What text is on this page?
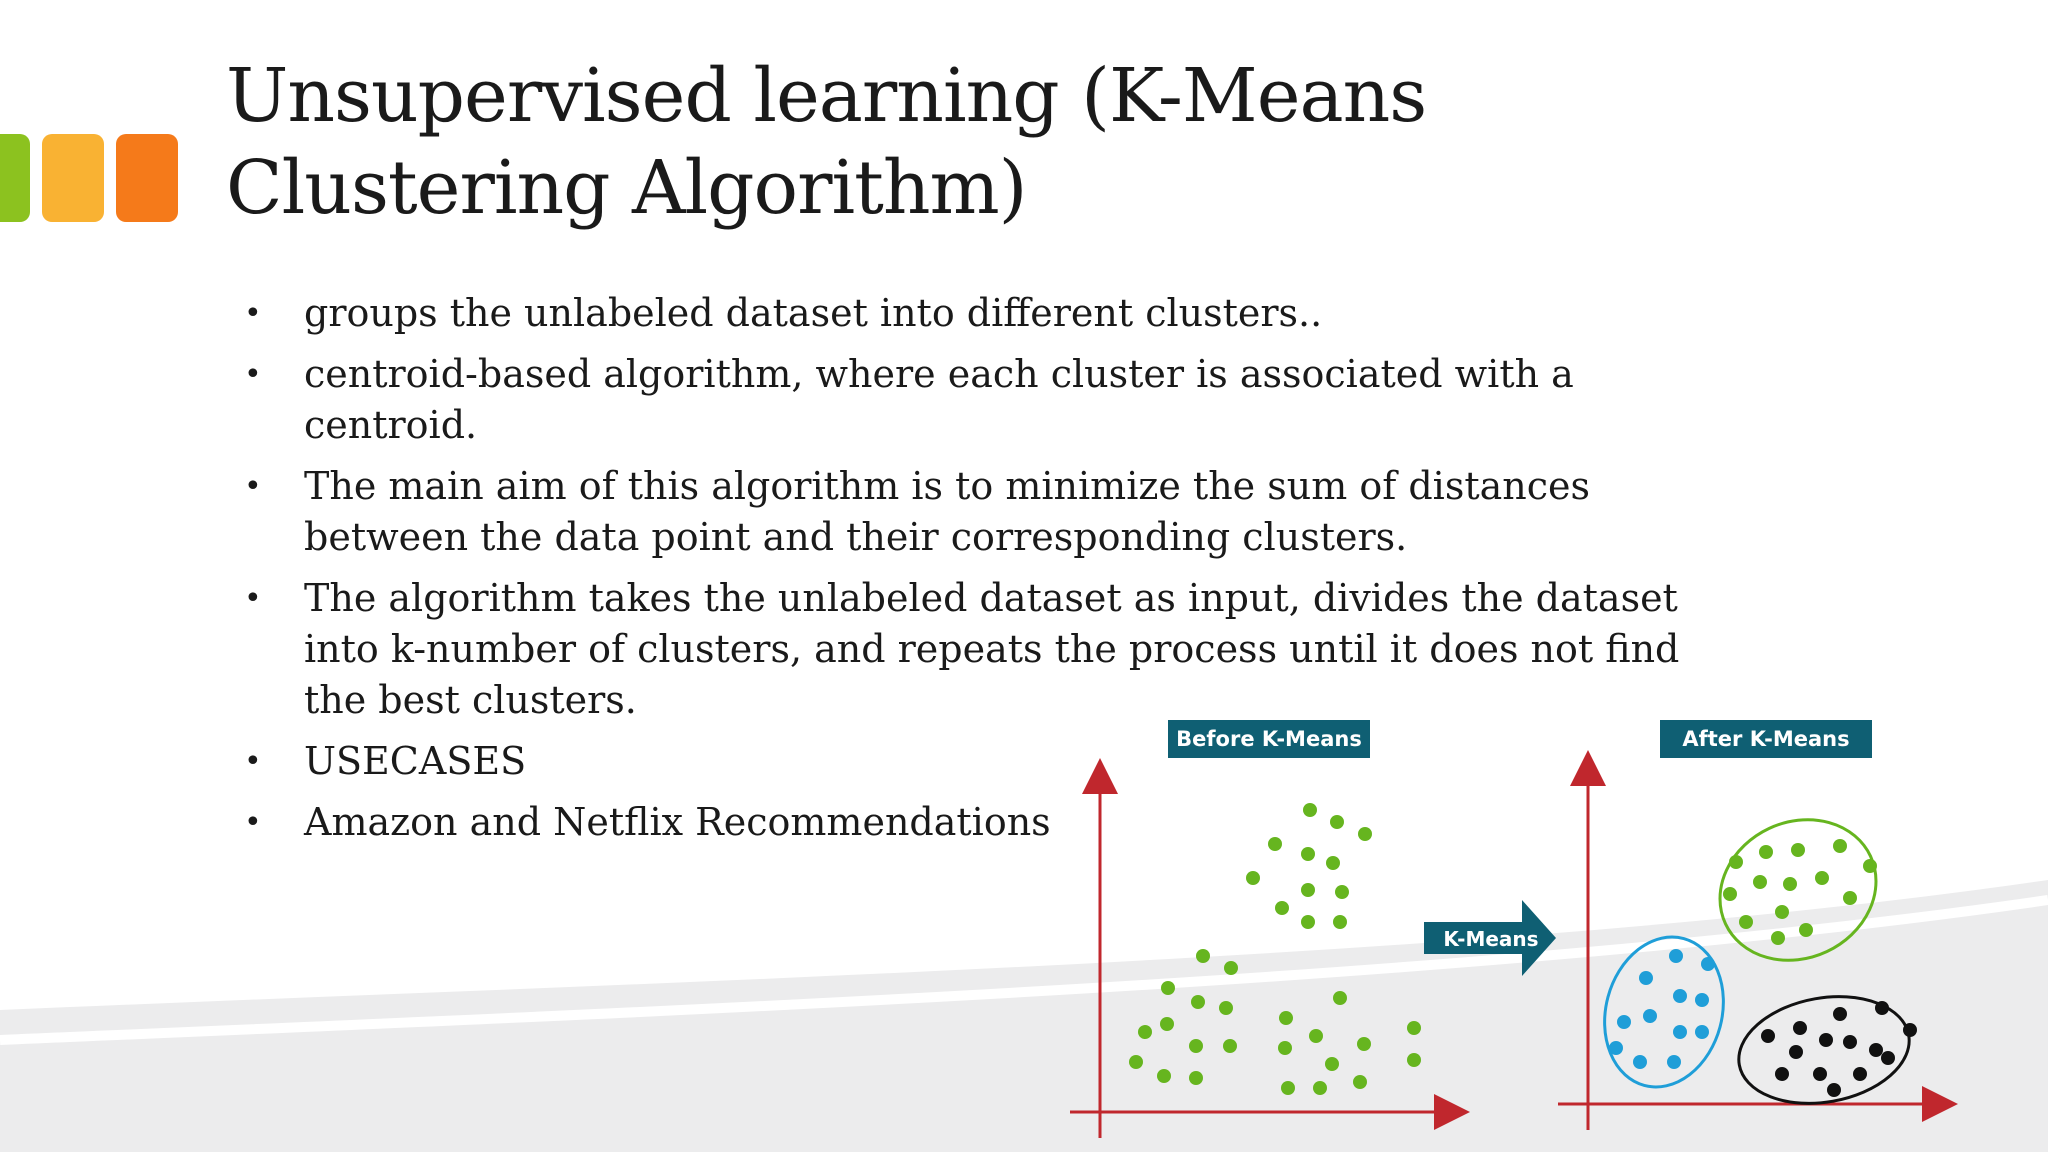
Unsupervised learning (K-Means Clustering Algorithm)
• groups the unlabeled dataset into different clusters..
• centroid-based algorithm, where each cluster is associated with a centroid.
• The main aim of this algorithm is to minimize the sum of distances between the data point and their corresponding clusters.
• The algorithm takes the unlabeled dataset as input, divides the dataset into k-number of clusters, and repeats the process until it does not find the best clusters.
• USECASES
• Amazon and Netflix Recommendations
Before K-Means	After K-Means
K-Means
